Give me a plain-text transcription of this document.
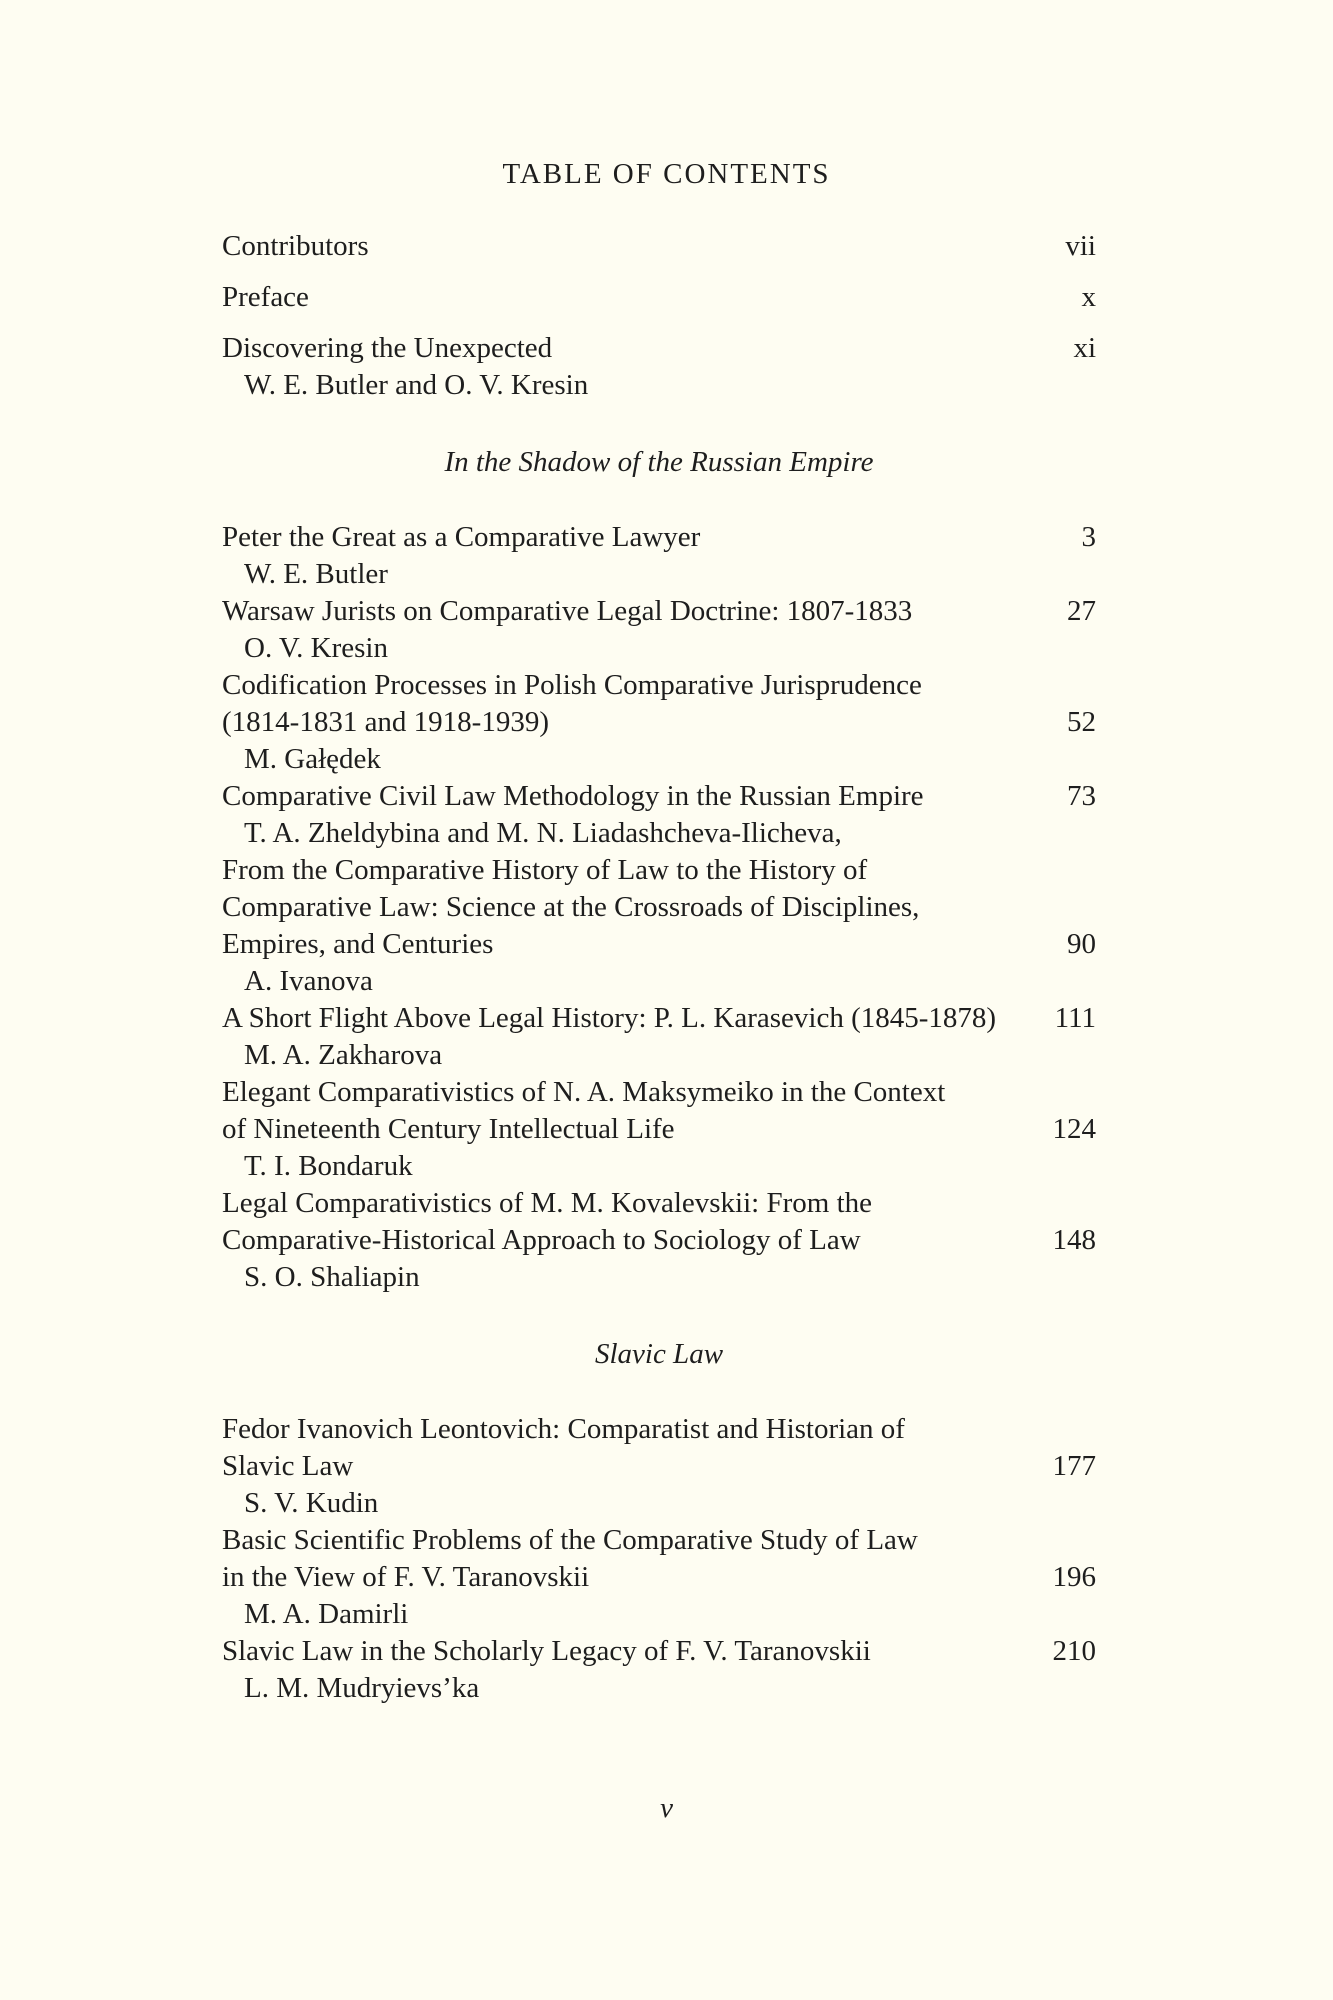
TABLE OF CONTENTS
Contributors	vii
Preface	x
Discovering the Unexpected	xi
W. E. Butler and O. V. Kresin
In the Shadow of the Russian Empire
Peter the Great as a Comparative Lawyer	3
W. E. Butler
Warsaw Jurists on Comparative Legal Doctrine: 1807-1833	27
O. V. Kresin
Codification Processes in Polish Comparative Jurisprudence
(1814-1831 and 1918-1939)	52
M. Gałędek
Comparative Civil Law Methodology in the Russian Empire	73
T. A. Zheldybina and M. N. Liadashcheva-Ilicheva,
From the Comparative History of Law to the History of
Comparative Law: Science at the Crossroads of Disciplines,
Empires, and Centuries	90
A. Ivanova
A Short Flight Above Legal History: P. L. Karasevich (1845-1878)	111
M. A. Zakharova
Elegant Comparativistics of N. A. Maksymeiko in the Context
of Nineteenth Century Intellectual Life	124
T. I. Bondaruk
Legal Comparativistics of M. M. Kovalevskii: From the
Comparative-Historical Approach to Sociology of Law	148
S. O. Shaliapin
Slavic Law
Fedor Ivanovich Leontovich: Comparatist and Historian of
Slavic Law	177
S. V. Kudin
Basic Scientific Problems of the Comparative Study of Law
in the View of F. V. Taranovskii	196
M. A. Damirli
Slavic Law in the Scholarly Legacy of F. V. Taranovskii	210
L. M. Mudryievs’ka
v
